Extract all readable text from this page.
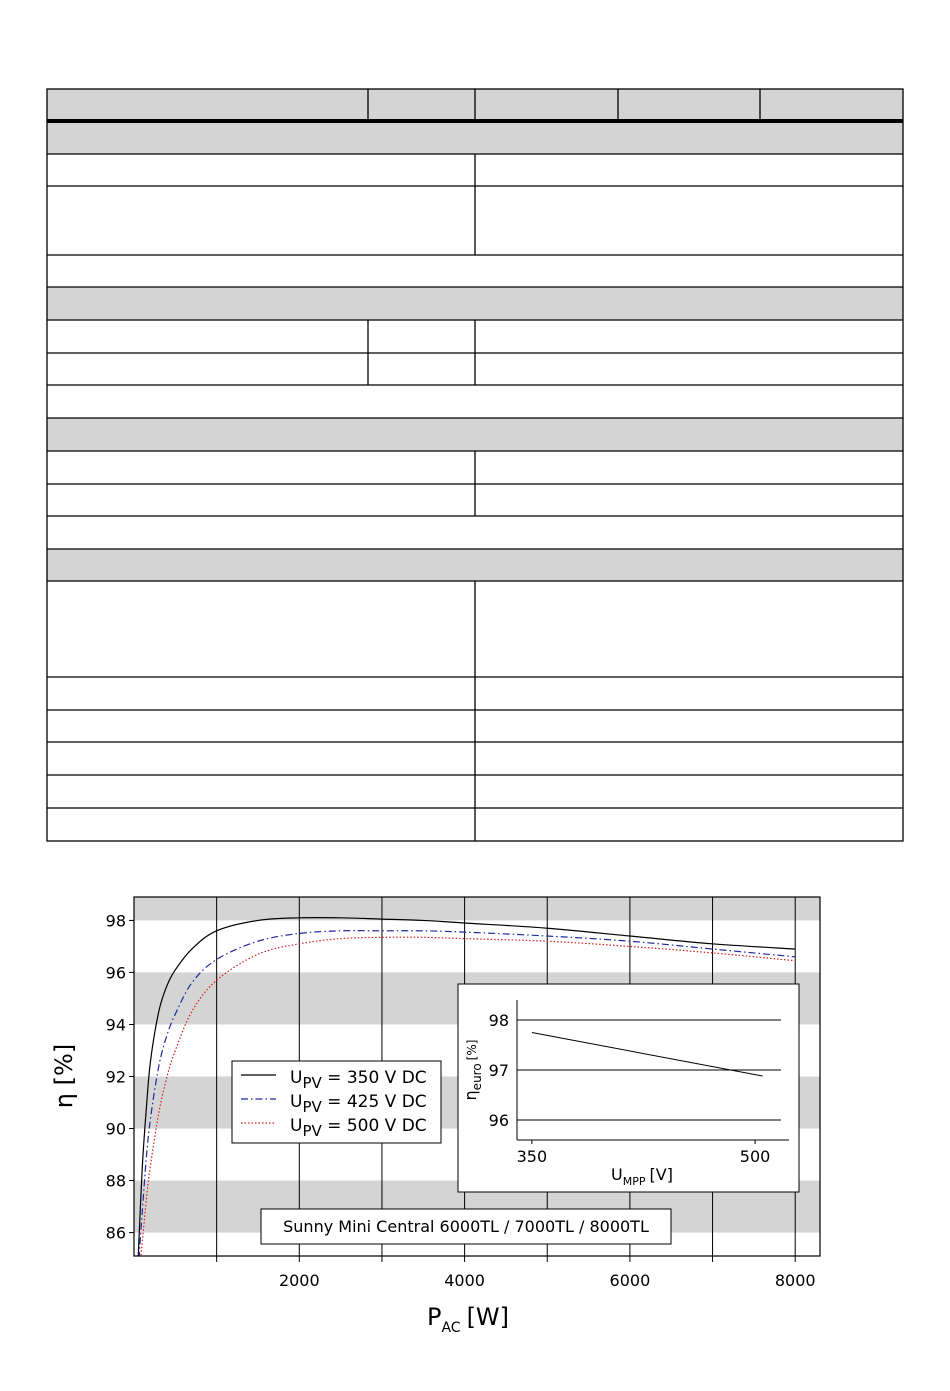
2000	4000	6000	8000
86
88
90
92
94
96
98
η [%]
$P_{AC}$ [W]
UPV = 350 V DC
UPV = 425 V DC
UPV = 500 V DC
Sunny Mini Central 6000TL / 7000TL / 8000TL
96
97
98
350	500
$\eta_{euro}[\%]$
$U_{MPP}$ [V]
